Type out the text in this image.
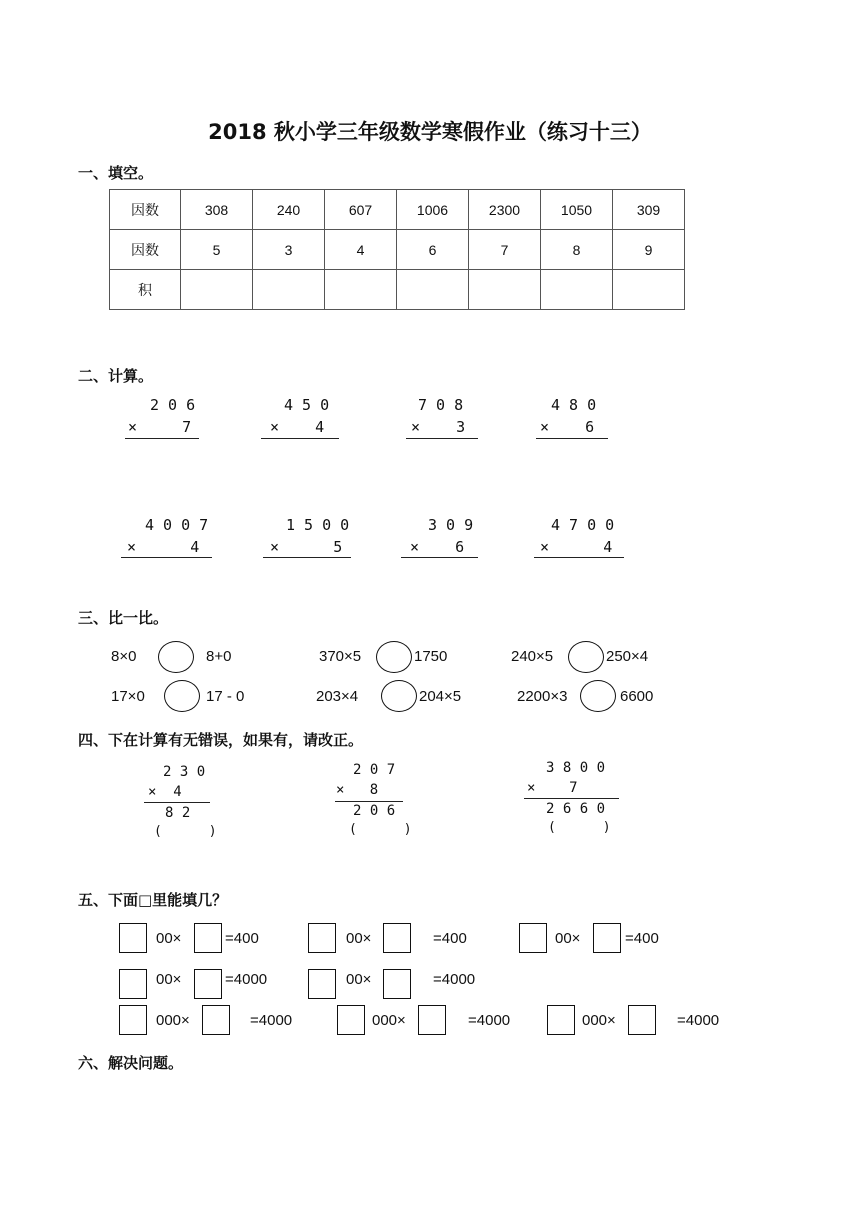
2018 秋小学三年级数学寒假作业（练习十三）
一、填空。
因数	308	240	607	1006	2300	1050	309
因数	5	3	4	6	7	8	9
积							
二、计算。
2 0 6
×     7
4 5 0
×    4
7 0 8
×    3
4 8 0
×    6
4 0 0 7
×      4
1 5 0 0
×      5
3 0 9
×    6
4 7 0 0
×      4
三、比一比。
8×0	8+0	370×5	1750	240×5	250×4
17×0	17 - 0	203×4	204×5	2200×3	6600
四、下在计算有无错误，如果有，请改正。
2 3 0
×  4
8 2
(      )
2 0 7
×   8
2 0 6
(      )
3 8 0 0
×    7
2 6 6 0
(      )
五、下面□里能填几？
00×	=400	00×	=400	00×	=400
00×	=4000	00×	=4000
000×	=4000	000×	=4000	000×	=4000
六、解决问题。
